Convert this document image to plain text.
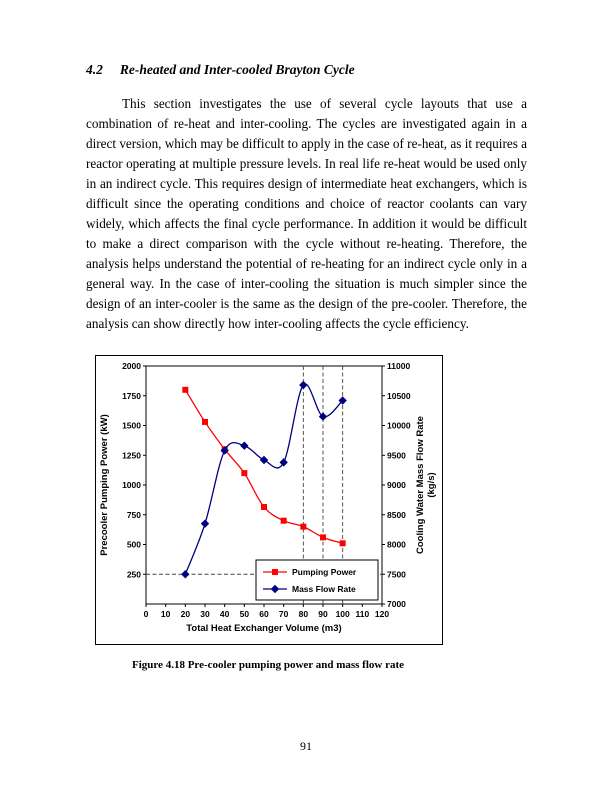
4.2 Re-heated and Inter-cooled Brayton Cycle

This section investigates the use of several cycle layouts that use a combination of re-heat and inter-cooling. The cycles are investigated again in a direct version, which may be difficult to apply in the case of re-heat, as it requires a reactor operating at multiple pressure levels. In real life re-heat would be used only in an indirect cycle. This requires design of intermediate heat exchangers, which is difficult since the operating conditions and choice of reactor coolants can vary widely, which affects the final cycle performance. In addition it would be difficult to make a direct comparison with the cycle without re-heating. Therefore, the analysis helps understand the potential of re-heating for an indirect cycle only in a general way. In the case of inter-cooling the situation is much simpler since the design of an inter-cooler is the same as the design of the pre-cooler. Therefore, the analysis can show directly how inter-cooling affects the cycle efficiency.

250
500
750
1000
1250
1500
1750
2000
7000
7500
8000
8500
9000
9500
10000
10500
11000
0 10 20 30 40 50 60 70 80 90 100 110 120
Total Heat Exchanger Volume (m3)
Precooler Pumping Power (kW)	Cooling Water Mass Flow Rate (kg/s)
Pumping Power
Mass Flow Rate
Figure 4.18 Pre-cooler pumping power and mass flow rate
91
